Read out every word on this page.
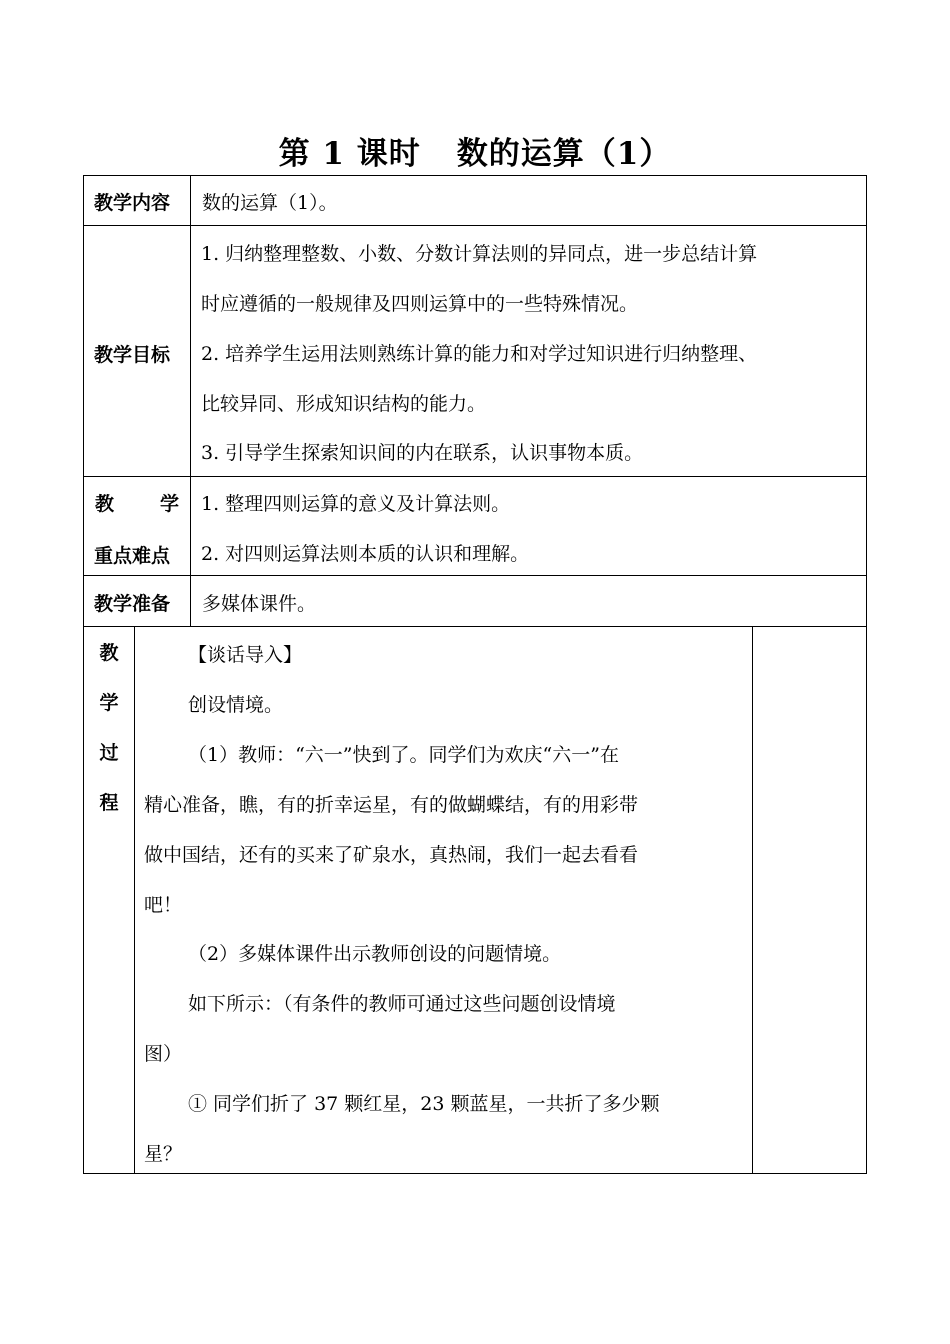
第 1 课时 数的运算（1）
教学内容 数的运算（1）。
教学目标
1. 归纳整理整数、小数、分数计算法则的异同点，进一步总结计算
时应遵循的一般规律及四则运算中的一些特殊情况。
2. 培养学生运用法则熟练计算的能力和对学过知识进行归纳整理、
比较异同、形成知识结构的能力。
3. 引导学生探索知识间的内在联系，认识事物本质。
教 学
重点难点
1. 整理四则运算的意义及计算法则。
2. 对四则运算法则本质的认识和理解。
教学准备 多媒体课件。
教
学
过
程
【谈话导入】
创设情境。
（1）教师：“六一”快到了。同学们为欢庆“六一”在
精心准备，瞧，有的折幸运星，有的做蝴蝶结，有的用彩带
做中国结，还有的买来了矿泉水，真热闹，我们一起去看看
吧！
（2）多媒体课件出示教师创设的问题情境。
如下所示：（有条件的教师可通过这些问题创设情境
图）
① 同学们折了 37 颗红星，23 颗蓝星，一共折了多少颗
星？
